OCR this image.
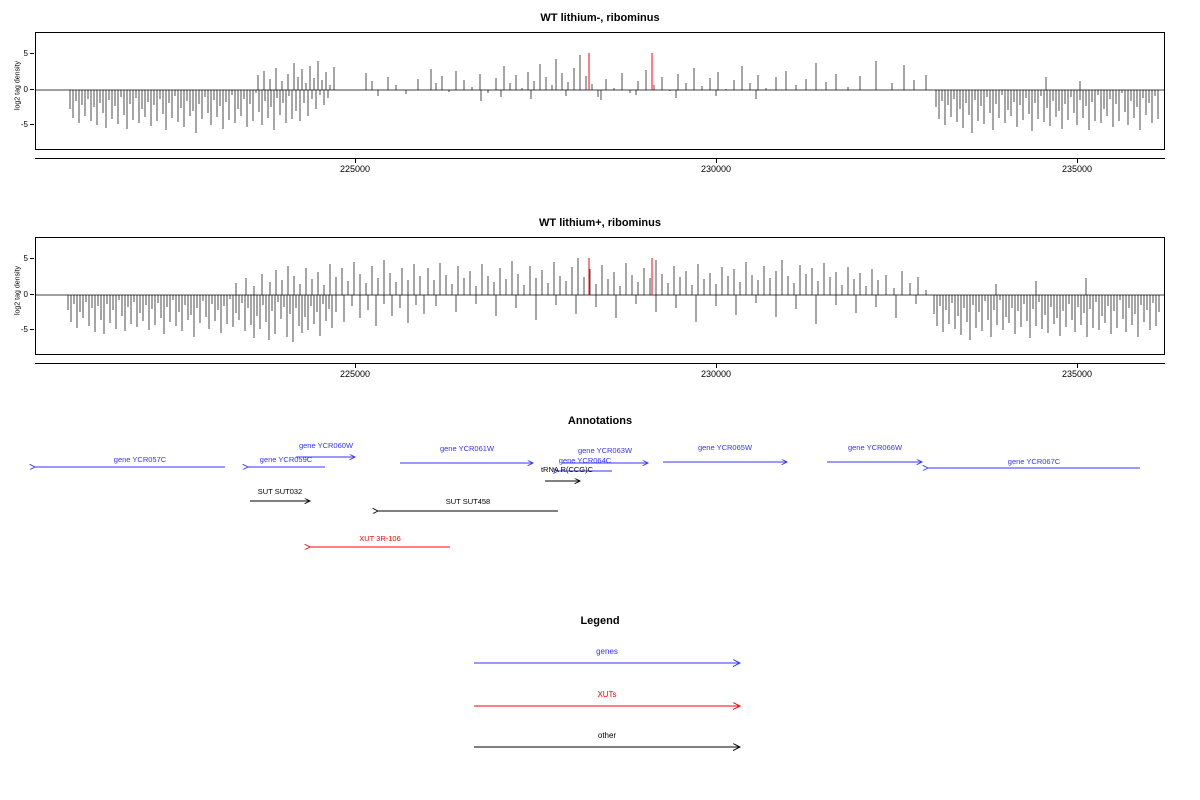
WT lithium-, ribominus
log2 tag density
5
0
-5
225000	230000	235000
WT lithium+, ribominus
log2 tag density
5
0
-5
225000	230000	235000
Annotations
gene YCR057C	gene YCR059C
gene YCR060W	gene YCR061W	gene YCR063W
gene YCR064C
tRNA R(CCG)C
gene YCR065W	gene YCR066W
gene YCR067C
SUT SUT032
SUT SUT458
XUT 3R-106
Legend
genes
XUTs
other
